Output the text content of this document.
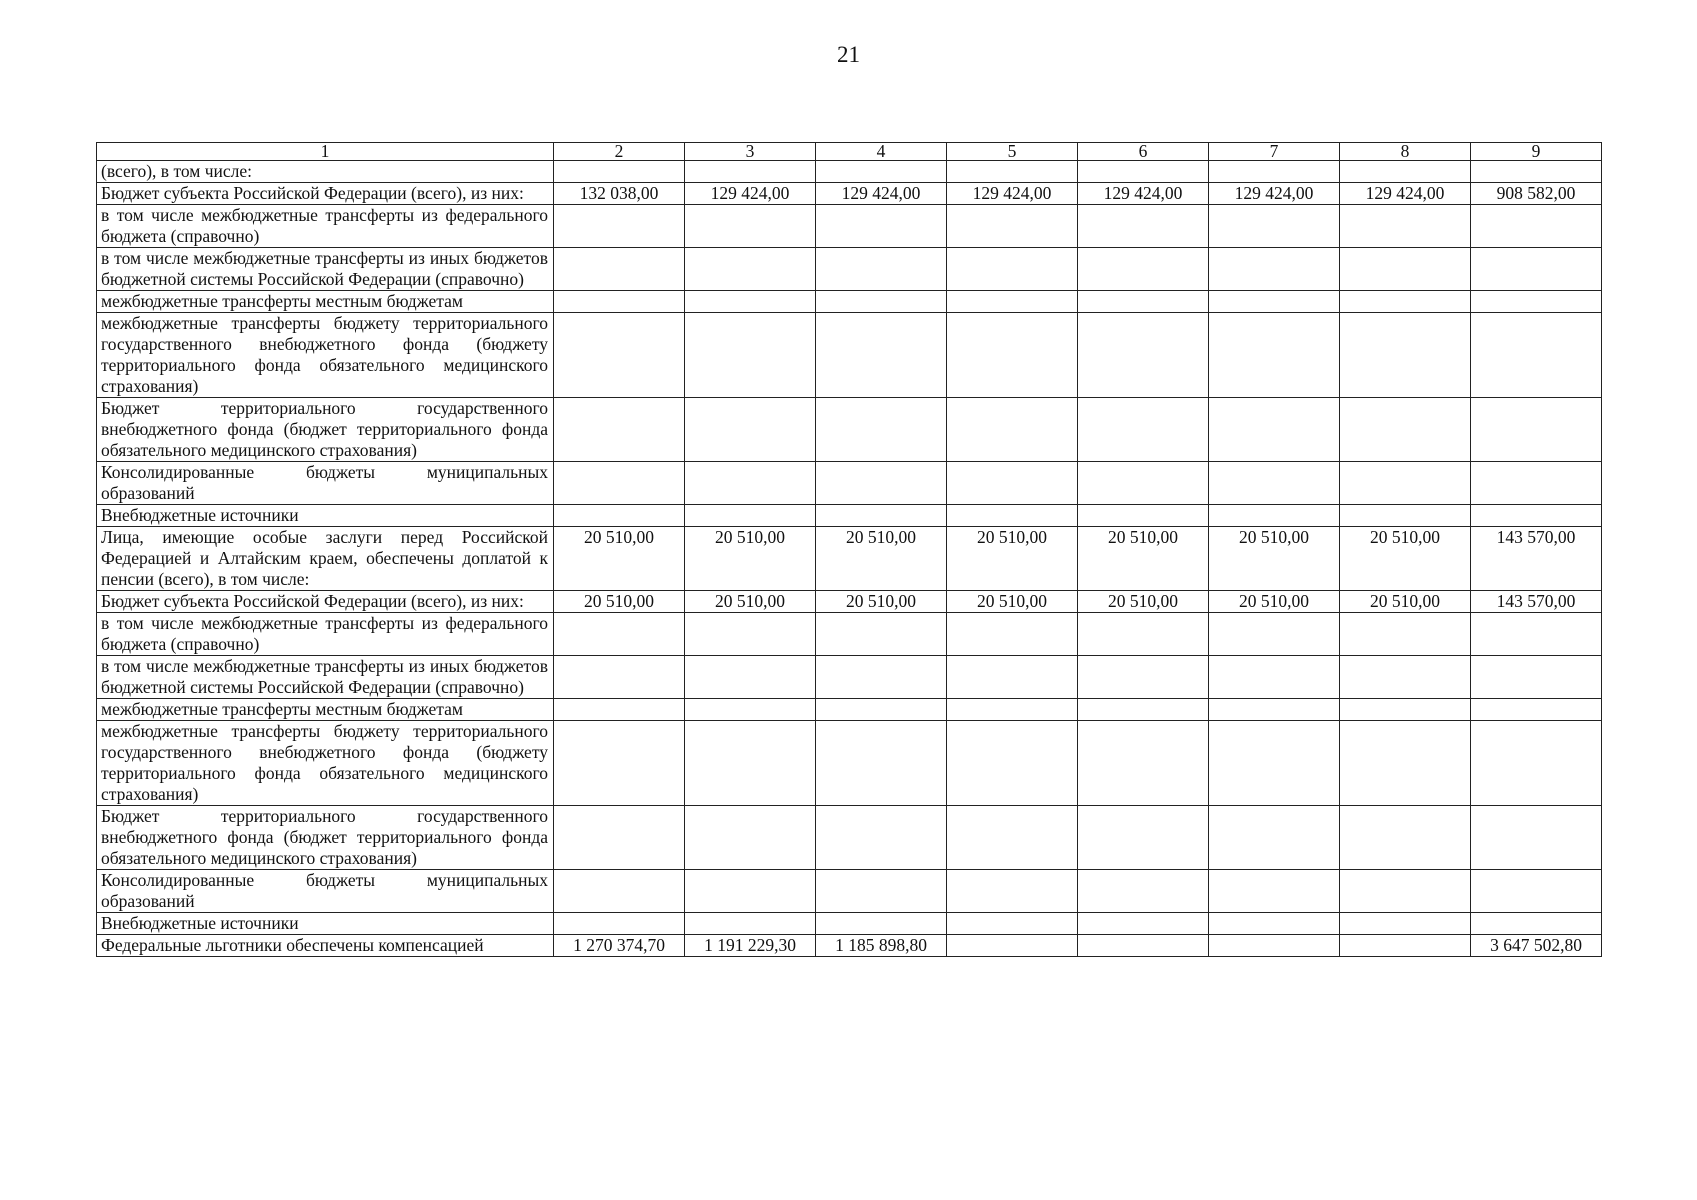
21
1	2	3	4	5	6	7	8	9
(всего), в том числе:								
Бюджет субъекта Российской Федерации (всего), из них:	132 038,00	129 424,00	129 424,00	129 424,00	129 424,00	129 424,00	129 424,00	908 582,00
в том числе межбюджетные трансферты из федерального бюджета (справочно)								
в том числе межбюджетные трансферты из иных бюджетов бюджетной системы Российской Федерации (справочно)								
межбюджетные трансферты местным бюджетам								
межбюджетные трансферты бюджету территориального государственного внебюджетного фонда (бюджету территориального фонда обязательного медицинского страхования)								
Бюджет территориального государственного внебюджетного фонда (бюджет территориального фонда обязательного медицинского страхования)								
Консолидированные бюджеты муниципальных образований								
Внебюджетные источники								
Лица, имеющие особые заслуги перед Российской Федерацией и Алтайским краем, обеспечены доплатой к пенсии (всего), в том числе:	20 510,00	20 510,00	20 510,00	20 510,00	20 510,00	20 510,00	20 510,00	143 570,00
Бюджет субъекта Российской Федерации (всего), из них:	20 510,00	20 510,00	20 510,00	20 510,00	20 510,00	20 510,00	20 510,00	143 570,00
в том числе межбюджетные трансферты из федерального бюджета (справочно)								
в том числе межбюджетные трансферты из иных бюджетов бюджетной системы Российской Федерации (справочно)								
межбюджетные трансферты местным бюджетам								
межбюджетные трансферты бюджету территориального государственного внебюджетного фонда (бюджету территориального фонда обязательного медицинского страхования)								
Бюджет территориального государственного внебюджетного фонда (бюджет территориального фонда обязательного медицинского страхования)								
Консолидированные бюджеты муниципальных образований								
Внебюджетные источники								
Федеральные льготники обеспечены компенсацией	1 270 374,70	1 191 229,30	1 185 898,80					3 647 502,80
